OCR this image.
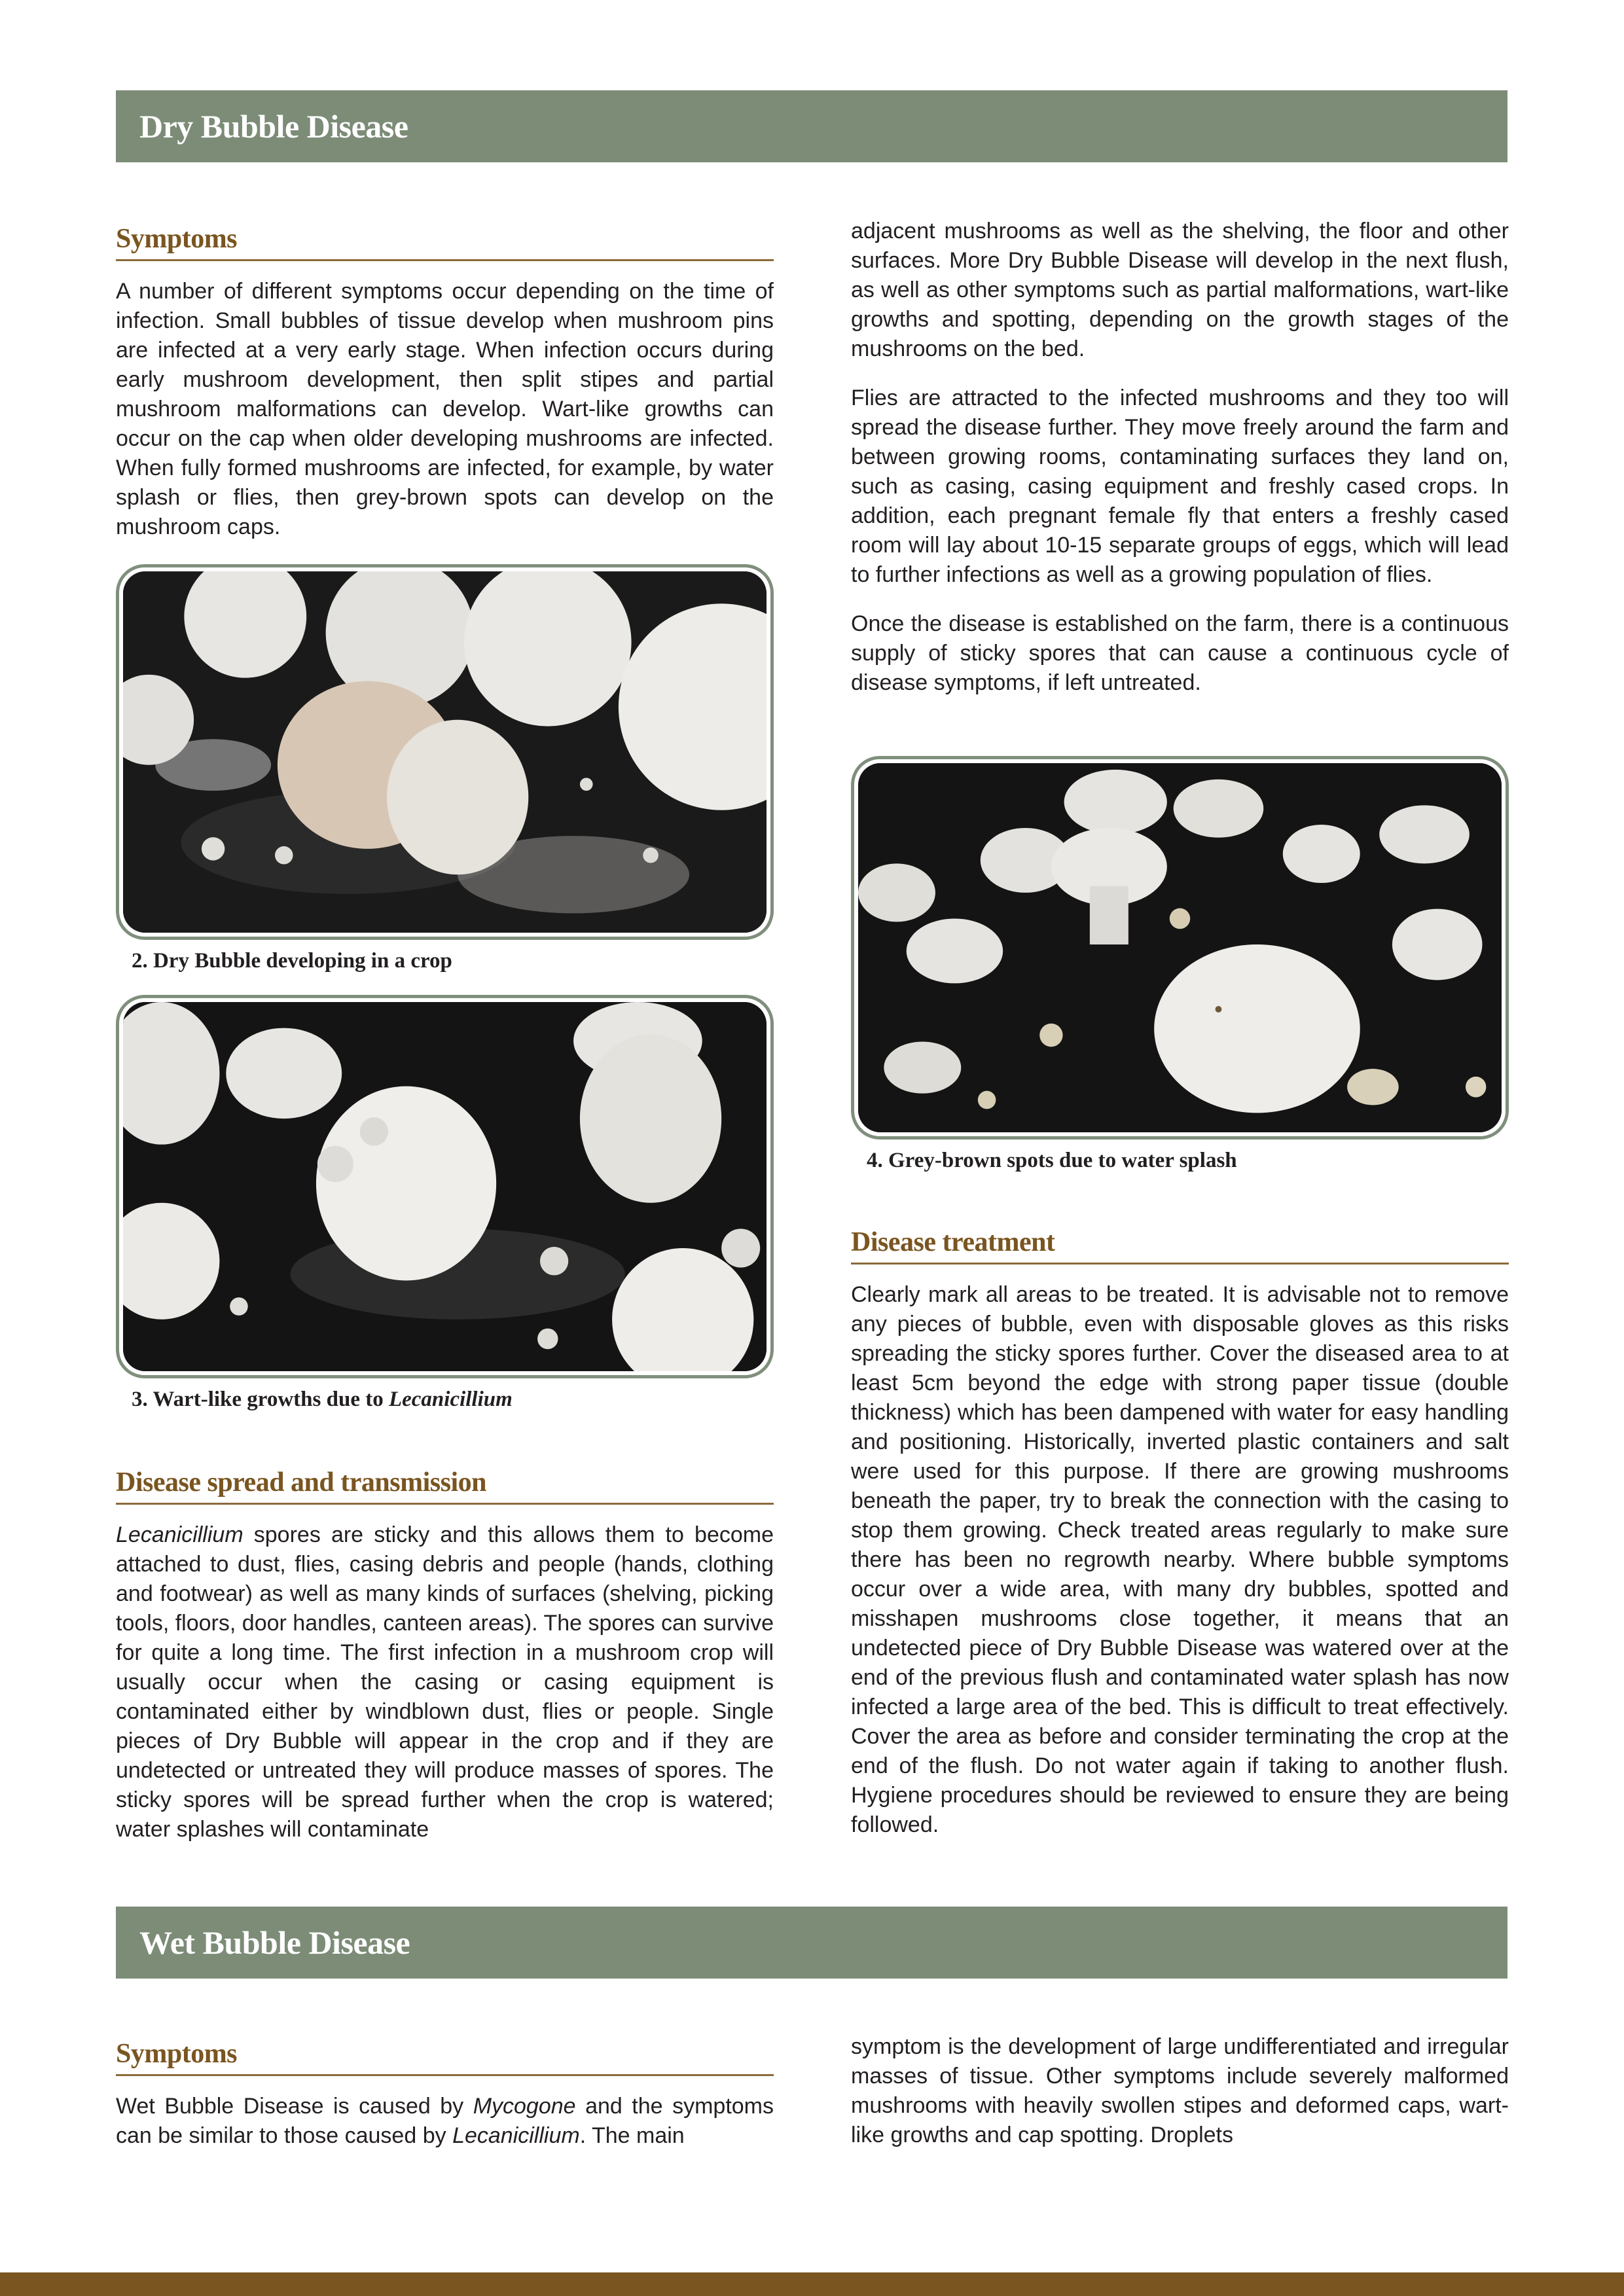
Dry Bubble Disease
Symptoms

A number of different symptoms occur depending on the time of infection. Small bubbles of tissue develop when mushroom pins are infected at a very early stage. When infection occurs during early mushroom development, then split stipes and partial mushroom malformations can develop. Wart-like growths can occur on the cap when older developing mushrooms are infected. When fully formed mushrooms are infected, for example, by water splash or flies, then grey-brown spots can develop on the mushroom caps.

2. Dry Bubble developing in a crop
3. Wart-like growths due to Lecanicillium
Disease spread and transmission

Lecanicillium spores are sticky and this allows them to become attached to dust, flies, casing debris and people (hands, clothing and footwear) as well as many kinds of surfaces (shelving, picking tools, floors, door handles, canteen areas). The spores can survive for quite a long time. The first infection in a mushroom crop will usually occur when the casing or casing equipment is contaminated either by windblown dust, flies or people. Single pieces of Dry Bubble will appear in the crop and if they are undetected or untreated they will produce masses of spores. The sticky spores will be spread further when the crop is watered; water splashes will contaminate

adjacent mushrooms as well as the shelving, the floor and other surfaces. More Dry Bubble Disease will develop in the next flush, as well as other symptoms such as partial malformations, wart-like growths and spotting, depending on the growth stages of the mushrooms on the bed.

Flies are attracted to the infected mushrooms and they too will spread the disease further. They move freely around the farm and between growing rooms, contaminating surfaces they land on, such as casing, casing equipment and freshly cased crops. In addition, each pregnant female fly that enters a freshly cased room will lay about 10-15 separate groups of eggs, which will lead to further infections as well as a growing population of flies.

Once the disease is established on the farm, there is a continuous supply of sticky spores that can cause a continuous cycle of disease symptoms, if left untreated.

4. Grey-brown spots due to water splash
Disease treatment

Clearly mark all areas to be treated. It is advisable not to remove any pieces of bubble, even with disposable gloves as this risks spreading the sticky spores further. Cover the diseased area to at least 5cm beyond the edge with strong paper tissue (double thickness) which has been dampened with water for easy handling and positioning. Historically, inverted plastic containers and salt were used for this purpose. If there are growing mushrooms beneath the paper, try to break the connection with the casing to stop them growing. Check treated areas regularly to make sure there has been no regrowth nearby. Where bubble symptoms occur over a wide area, with many dry bubbles, spotted and misshapen mushrooms close together, it means that an undetected piece of Dry Bubble Disease was watered over at the end of the previous flush and contaminated water splash has now infected a large area of the bed. This is difficult to treat effectively. Cover the area as before and consider terminating the crop at the end of the flush. Do not water again if taking to another flush. Hygiene procedures should be reviewed to ensure they are being followed.

Wet Bubble Disease
Symptoms

Wet Bubble Disease is caused by Mycogone and the symptoms can be similar to those caused by Lecanicillium. The main

symptom is the development of large undifferentiated and irregular masses of tissue. Other symptoms include severely malformed mushrooms with heavily swollen stipes and deformed caps, wart-like growths and cap spotting. Droplets
